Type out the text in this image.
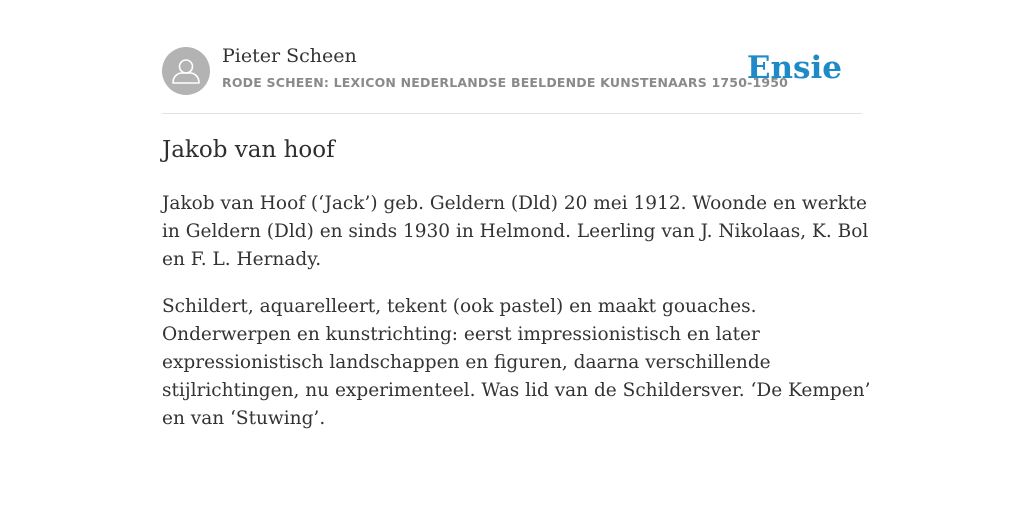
Pieter Scheen
RODE SCHEEN: LEXICON NEDERLANDSE BEELDENDE KUNSTENAARS 1750-1950
Ensie
Jakob van hoof

Jakob van Hoof (‘Jack’) geb. Geldern (Dld) 20 mei 1912. Woonde en werkte in Geldern (Dld) en sinds 1930 in Helmond. Leerling van J. Nikolaas, K. Bol en F. L. Hernady.

Schildert, aquarelleert, tekent (ook pastel) en maakt gouaches. Onderwerpen en kunstrichting: eerst impressionistisch en later expressionistisch landschappen en figuren, daarna verschillende stijlrichtingen, nu experimenteel. Was lid van de Schildersver. ‘De Kempen’ en van ‘Stuwing’.
